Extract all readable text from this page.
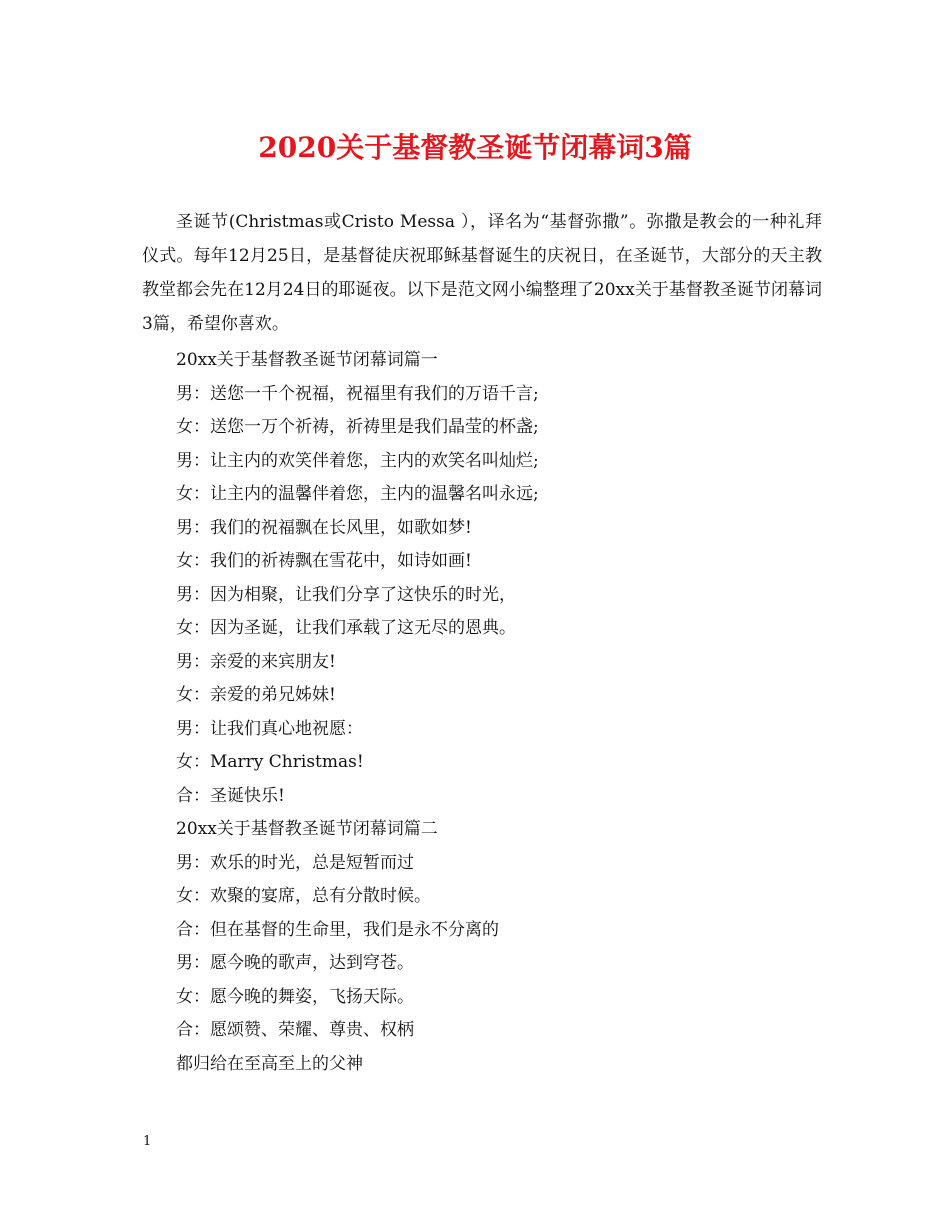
2020关于基督教圣诞节闭幕词3篇

圣诞节(Christmas或Cristo Messa ），译名为“基督弥撒”。弥撒是教会的一种礼拜仪式。每年12月25日，是基督徒庆祝耶稣基督诞生的庆祝日，在圣诞节，大部分的天主教教堂都会先在12月24日的耶诞夜。以下是范文网小编整理了20xx关于基督教圣诞节闭幕词3篇，希望你喜欢。

20xx关于基督教圣诞节闭幕词篇一
男：送您一千个祝福，祝福里有我们的万语千言;
女：送您一万个祈祷，祈祷里是我们晶莹的杯盏;
男：让主内的欢笑伴着您，主内的欢笑名叫灿烂;
女：让主内的温馨伴着您，主内的温馨名叫永远;
男：我们的祝福飘在长风里，如歌如梦!
女：我们的祈祷飘在雪花中，如诗如画!
男：因为相聚，让我们分享了这快乐的时光，
女：因为圣诞，让我们承载了这无尽的恩典。
男：亲爱的来宾朋友!
女：亲爱的弟兄姊妹!
男：让我们真心地祝愿：
女：Marry Christmas!
合：圣诞快乐!
20xx关于基督教圣诞节闭幕词篇二
男：欢乐的时光，总是短暂而过
女：欢聚的宴席，总有分散时候。
合：但在基督的生命里，我们是永不分离的
男：愿今晚的歌声，达到穹苍。
女：愿今晚的舞姿，飞扬天际。
合：愿颂赞、荣耀、尊贵、权柄
都归给在至高至上的父神
1
